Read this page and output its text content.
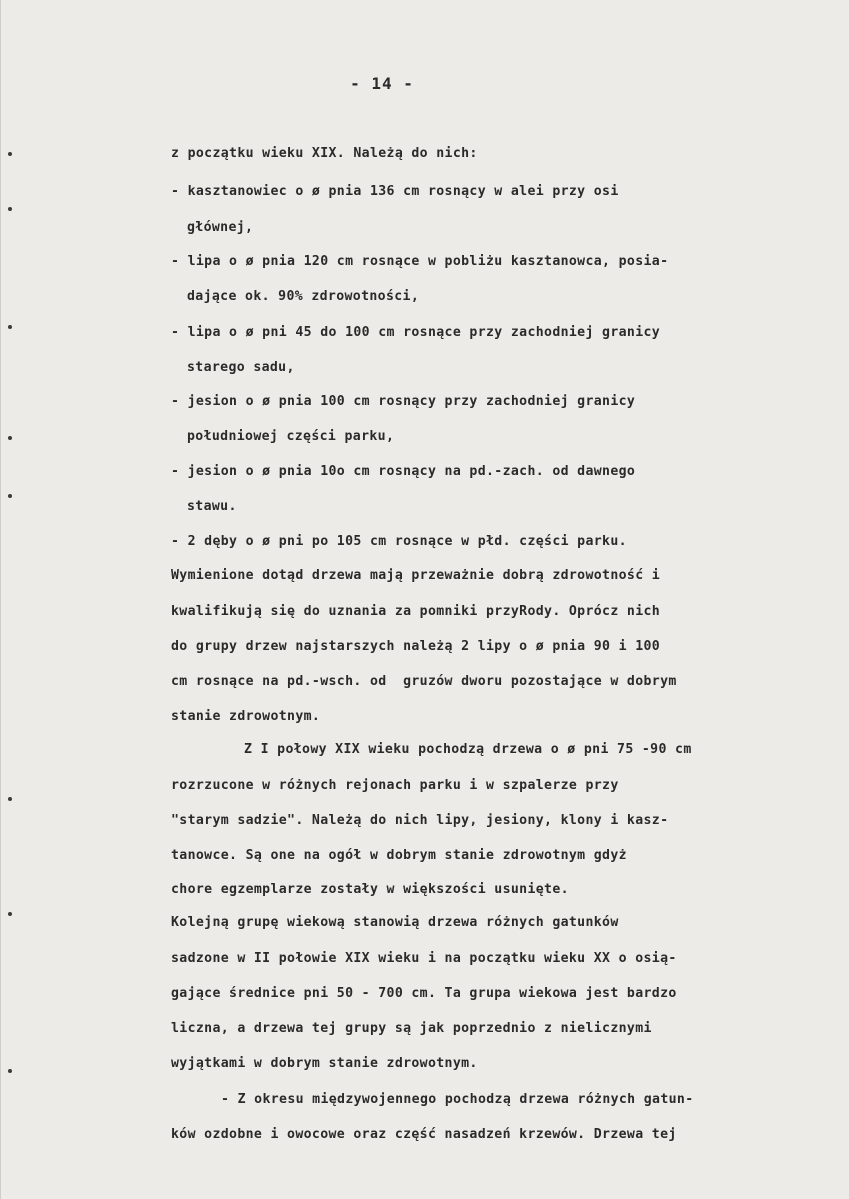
- 14 -
z początku wieku XIX. Należą do nich:
- kasztanowiec o ø pnia 136 cm rosnący w alei przy osi
głównej,
- lipa o ø pnia 120 cm rosnące w pobliżu kasztanowca, posia-
dające ok. 90% zdrowotności,
- lipa o ø pni 45 do 100 cm rosnące przy zachodniej granicy
starego sadu,
- jesion o ø pnia 100 cm rosnący przy zachodniej granicy
południowej części parku,
- jesion o ø pnia 10o cm rosnący na pd.-zach. od dawnego
stawu.
- 2 dęby o ø pni po 105 cm rosnące w płd. części parku.
Wymienione dotąd drzewa mają przeważnie dobrą zdrowotność i
kwalifikują się do uznania za pomniki przyRody. Oprócz nich
do grupy drzew najstarszych należą 2 lipy o ø pnia 90 i 100
cm rosnące na pd.-wsch. od  gruzów dworu pozostające w dobrym
stanie zdrowotnym.
Z I połowy XIX wieku pochodzą drzewa o ø pni 75 -90 cm
rozrzucone w różnych rejonach parku i w szpalerze przy
"starym sadzie". Należą do nich lipy, jesiony, klony i kasz-
tanowce. Są one na ogół w dobrym stanie zdrowotnym gdyż
chore egzemplarze zostały w większości usunięte.
Kolejną grupę wiekową stanowią drzewa różnych gatunków
sadzone w II połowie XIX wieku i na początku wieku XX o osią-
gające średnice pni 50 - 700 cm. Ta grupa wiekowa jest bardzo
liczna, a drzewa tej grupy są jak poprzednio z nielicznymi
wyjątkami w dobrym stanie zdrowotnym.
- Z okresu międzywojennego pochodzą drzewa różnych gatun-
ków ozdobne i owocowe oraz część nasadzeń krzewów. Drzewa tej
